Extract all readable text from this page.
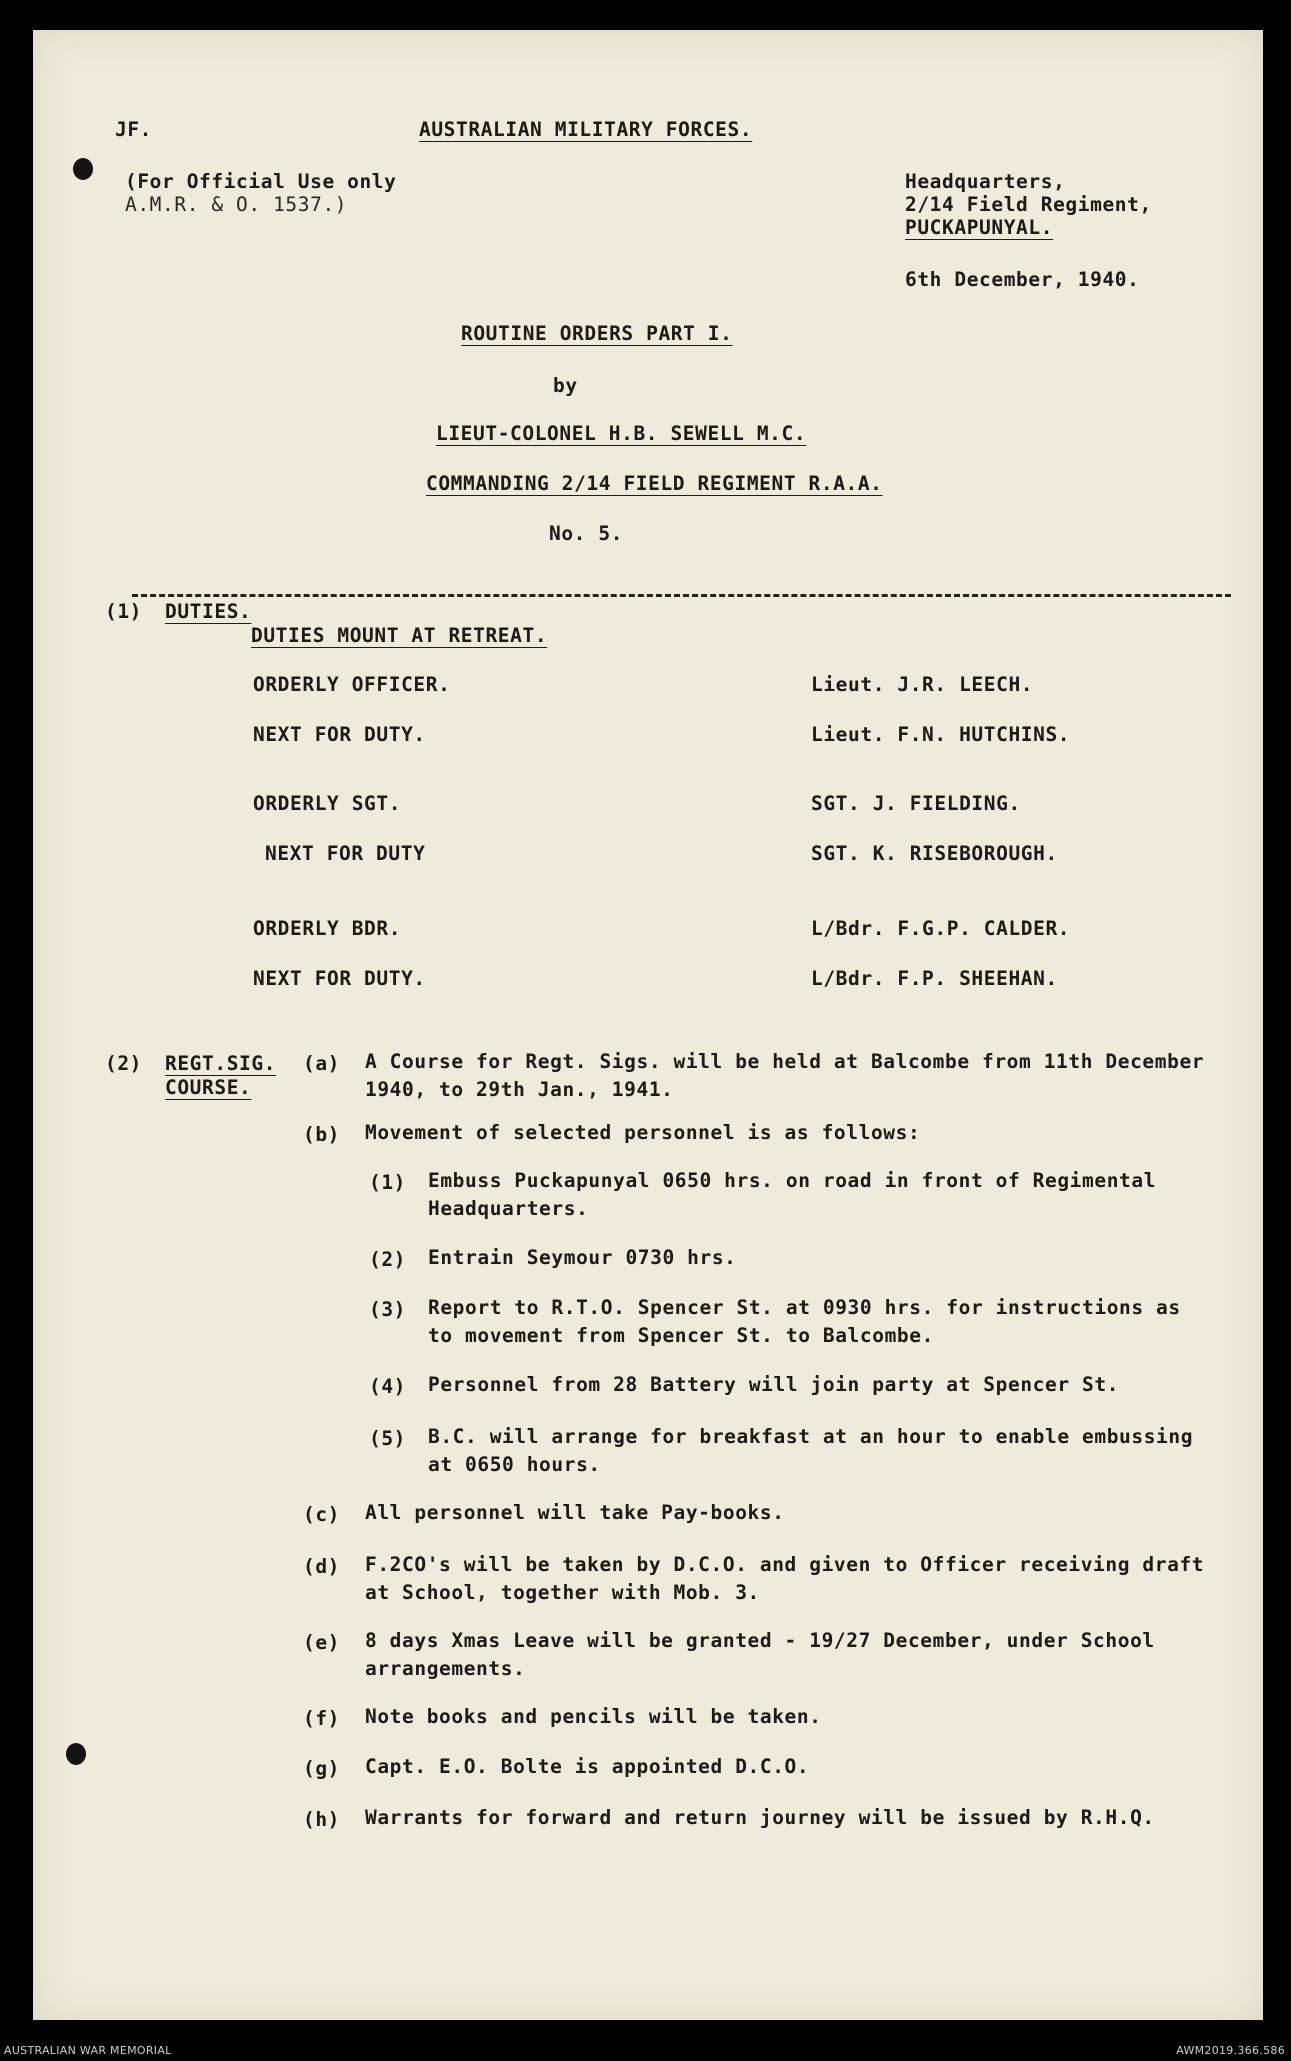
JF.	AUSTRALIAN MILITARY FORCES.
(For Official Use only
A.M.R. & O. 1537.)
Headquarters,
2/14 Field Regiment,
PUCKAPUNYAL.
6th December, 1940.
ROUTINE ORDERS PART I.
by
LIEUT-COLONEL H.B. SEWELL M.C.
COMMANDING 2/14 FIELD REGIMENT R.A.A.
No. 5.
(1) DUTIES.
DUTIES MOUNT AT RETREAT.
ORDERLY OFFICER.	Lieut. J.R. LEECH.
NEXT FOR DUTY.	Lieut. F.N. HUTCHINS.
ORDERLY SGT.	SGT. J. FIELDING.
NEXT FOR DUTY	SGT. K. RISEBOROUGH.
ORDERLY BDR.	L/Bdr. F.G.P. CALDER.
NEXT FOR DUTY.	L/Bdr. F.P. SHEEHAN.
(2) REGT.SIG.
COURSE.
(a) A Course for Regt. Sigs. will be held at Balcombe from 11th December 1940, to 29th Jan., 1941.
(b) Movement of selected personnel is as follows:
(1) Embuss Puckapunyal 0650 hrs. on road in front of Regimental Headquarters.
(2) Entrain Seymour 0730 hrs.
(3) Report to R.T.O. Spencer St. at 0930 hrs. for instructions as to movement from Spencer St. to Balcombe.
(4) Personnel from 28 Battery will join party at Spencer St.
(5) B.C. will arrange for breakfast at an hour to enable embussing at 0650 hours.
(c) All personnel will take Pay-books.
(d) F.2CO's will be taken by D.C.O. and given to Officer receiving draft at School, together with Mob. 3.
(e) 8 days Xmas Leave will be granted - 19/27 December, under School arrangements.
(f) Note books and pencils will be taken.
(g) Capt. E.O. Bolte is appointed D.C.O.
(h) Warrants for forward and return journey will be issued by R.H.Q.
AUSTRALIAN WAR MEMORIAL	AWM2019.366.586
